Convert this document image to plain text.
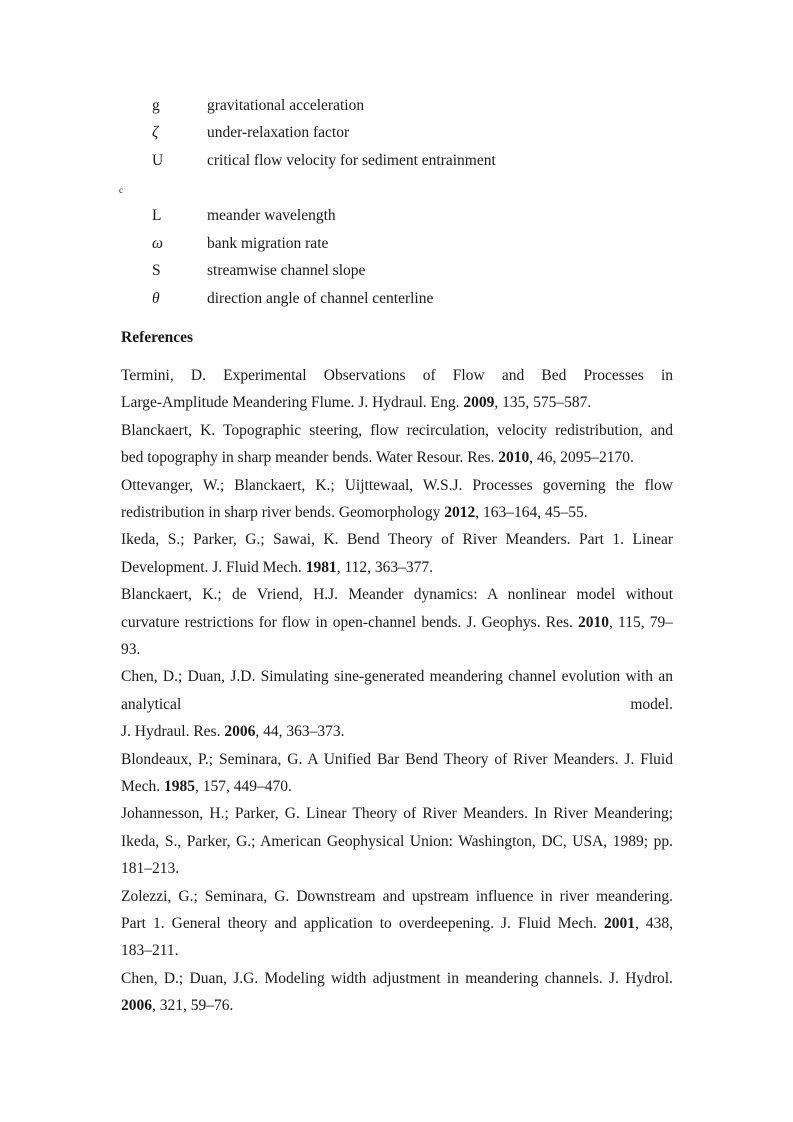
g	gravitational acceleration
ζ	under-relaxation factor
U	critical flow velocity for sediment entrainment
L	meander wavelength
ω	bank migration rate
S	streamwise channel slope
θ	direction angle of channel centerline
c
References
Termini, D. Experimental Observations of Flow and Bed Processes in
Large-Amplitude Meandering Flume. J. Hydraul. Eng. 2009, 135, 575–587.
Blanckaert, K. Topographic steering, flow recirculation, velocity redistribution, and
bed topography in sharp meander bends. Water Resour. Res. 2010, 46, 2095–2170.
Ottevanger, W.; Blanckaert, K.; Uijttewaal, W.S.J. Processes governing the flow
redistribution in sharp river bends. Geomorphology 2012, 163–164, 45–55.
Ikeda, S.; Parker, G.; Sawai, K. Bend Theory of River Meanders. Part 1. Linear
Development. J. Fluid Mech. 1981, 112, 363–377.
Blanckaert, K.; de Vriend, H.J. Meander dynamics: A nonlinear model without
curvature restrictions for flow in open-channel bends. J. Geophys. Res. 2010, 115, 79–
93.
Chen, D.; Duan, J.D. Simulating sine-generated meandering channel evolution with an
analytical	model.
J. Hydraul. Res. 2006, 44, 363–373.
Blondeaux, P.; Seminara, G. A Unified Bar Bend Theory of River Meanders. J. Fluid
Mech. 1985, 157, 449–470.
Johannesson, H.; Parker, G. Linear Theory of River Meanders. In River Meandering;
Ikeda, S., Parker, G.; American Geophysical Union: Washington, DC, USA, 1989; pp.
181–213.
Zolezzi, G.; Seminara, G. Downstream and upstream influence in river meandering.
Part 1. General theory and application to overdeepening. J. Fluid Mech. 2001, 438,
183–211.
Chen, D.; Duan, J.G. Modeling width adjustment in meandering channels. J. Hydrol.
2006, 321, 59–76.
